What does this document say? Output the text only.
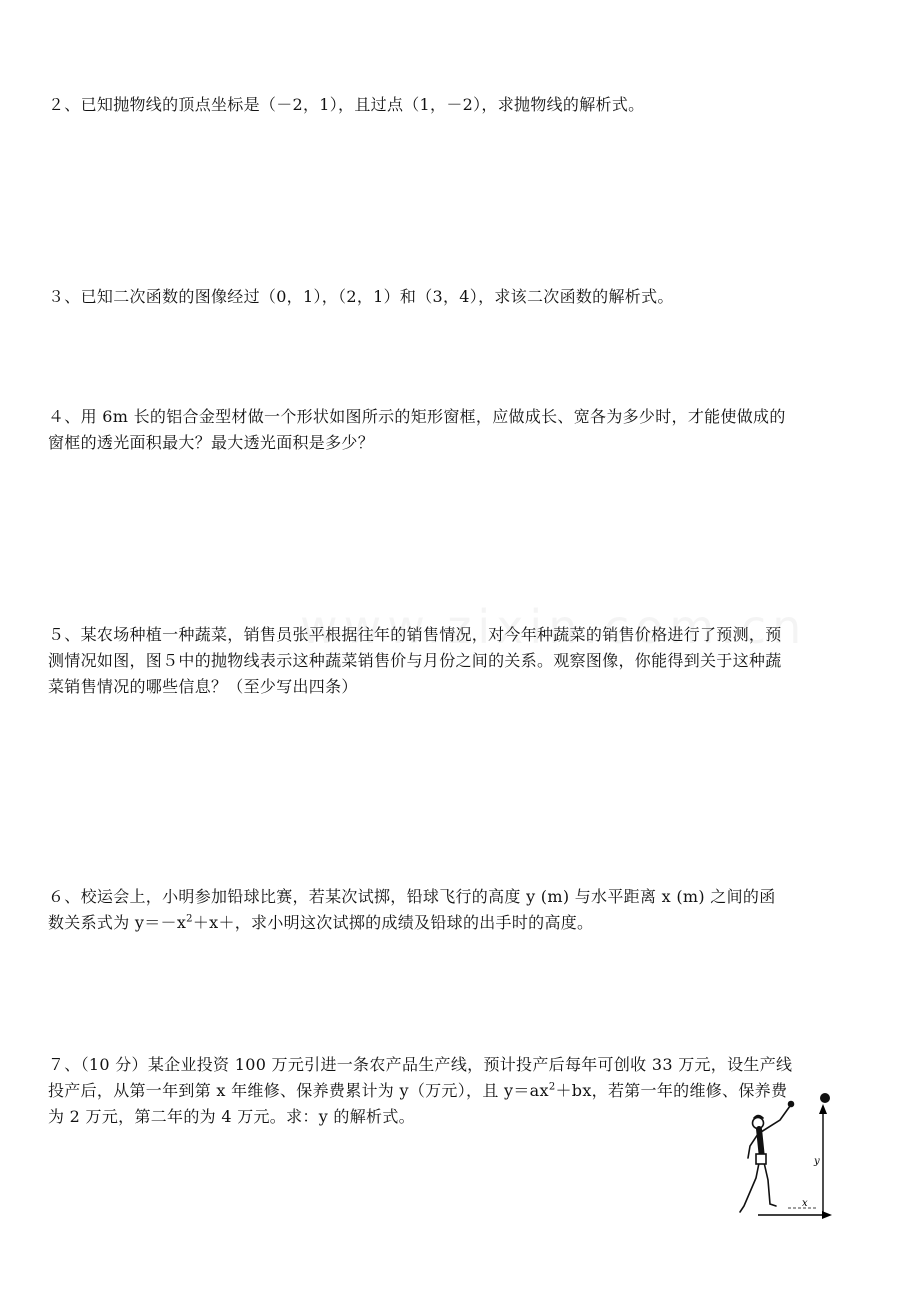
２、已知抛物线的顶点坐标是（－2，1），且过点（1，－2），求抛物线的解析式。
３、已知二次函数的图像经过（0，1），（2，1）和（3，4），求该二次函数的解析式。
４、用 6m 长的铝合金型材做一个形状如图所示的矩形窗框，应做成长、宽各为多少时，才能使做成的
窗框的透光面积最大？最大透光面积是多少？
５、某农场种植一种蔬菜，销售员张平根据往年的销售情况，对今年种蔬菜的销售价格进行了预测，预
测情况如图，图５中的抛物线表示这种蔬菜销售价与月份之间的关系。观察图像，你能得到关于这种蔬
菜销售情况的哪些信息？（至少写出四条）
６、校运会上，小明参加铅球比赛，若某次试掷，铅球飞行的高度 y (m) 与水平距离 x (m) 之间的函
数关系式为 $y=-x^2+x+$，求小明这次试掷的成绩及铅球的出手时的高度。
７、（10 分）某企业投资 100 万元引进一条农产品生产线，预计投产后每年可创收 33 万元，设生产线
投产后，从第一年到第 x 年维修、保养费累计为 y（万元），且 $y=ax^2+bx$，若第一年的维修、保养费
为 2 万元，第二年的为 4 万元。求：y 的解析式。
y
x
